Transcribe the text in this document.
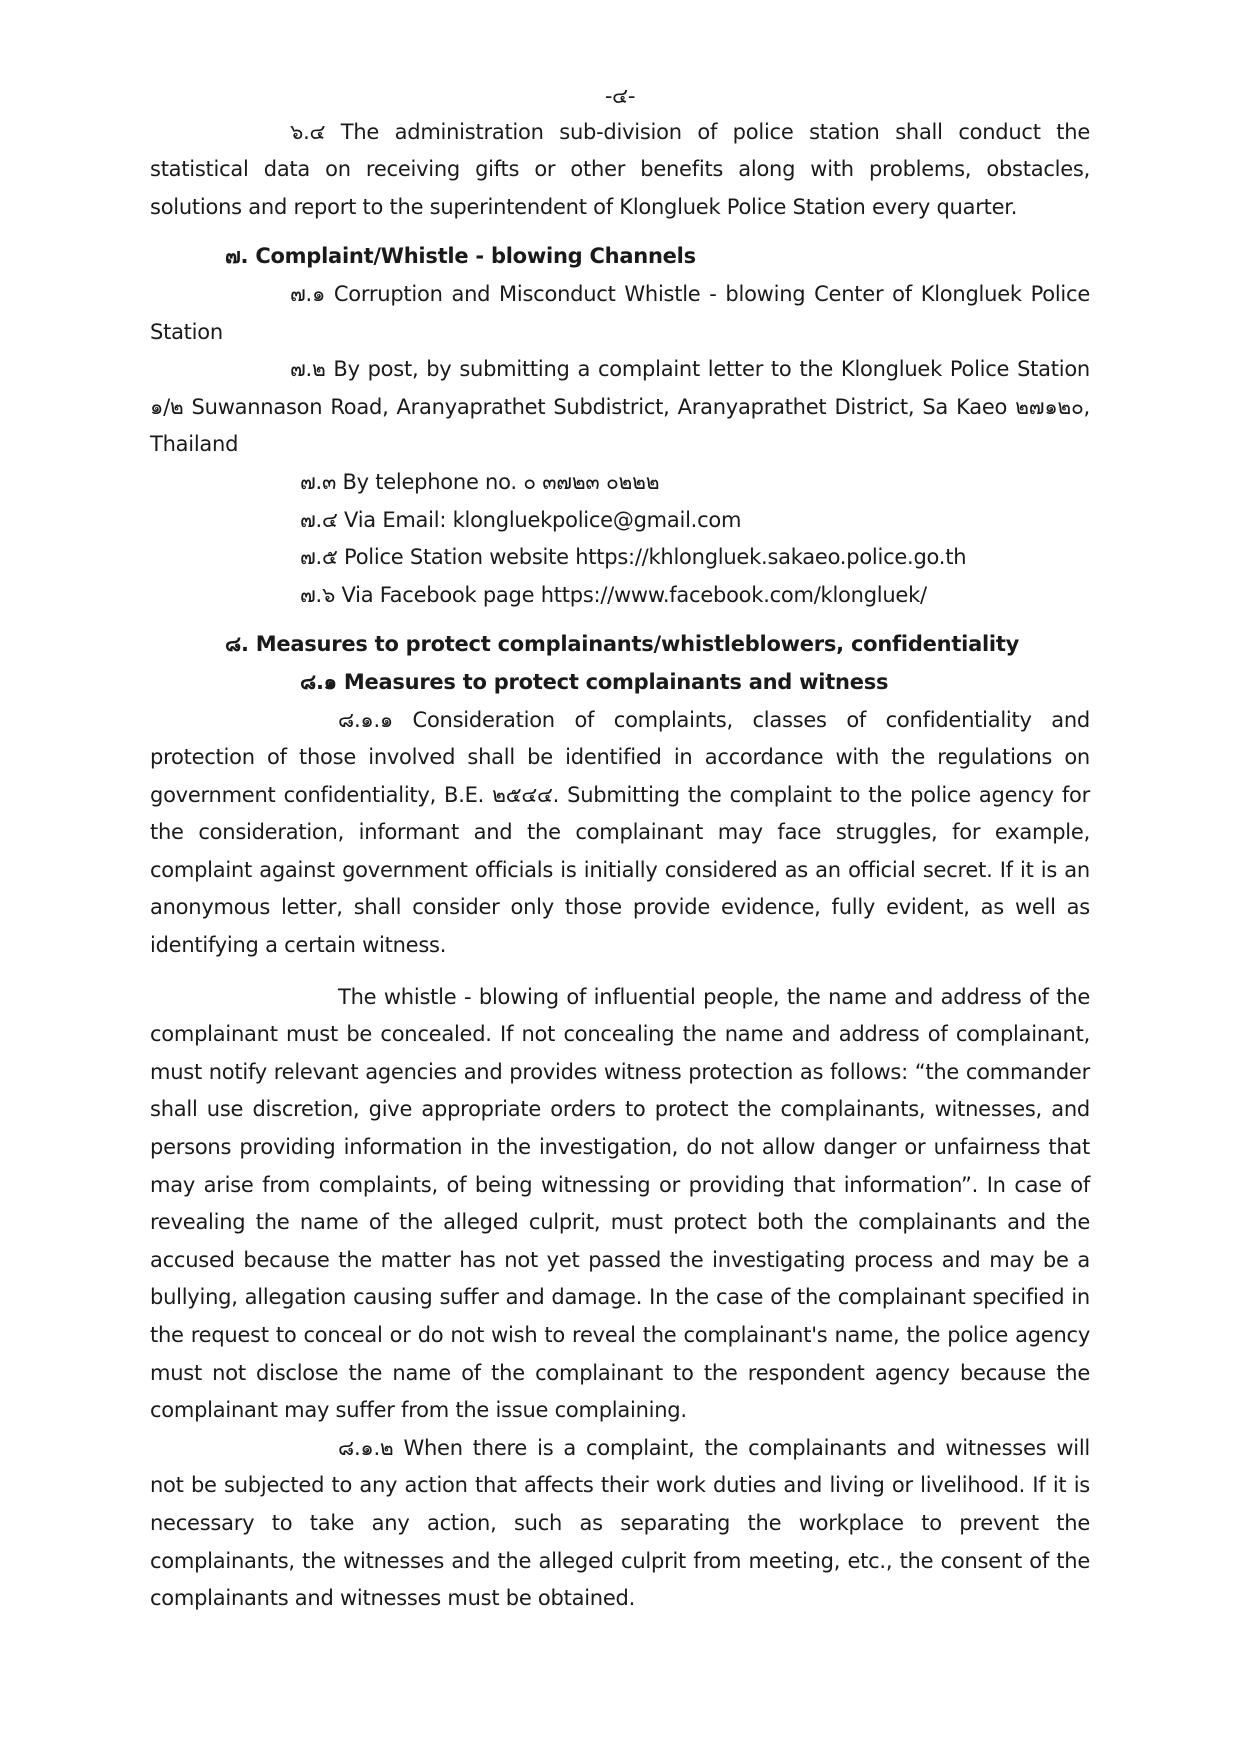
-๔-

๖.๔ The administration sub-division of police station shall conduct the statistical data on receiving gifts or other benefits along with problems, obstacles, solutions and report to the superintendent of Klongluek Police Station every quarter.

๗. Complaint/Whistle - blowing Channels

๗.๑ Corruption and Misconduct Whistle - blowing Center of Klongluek Police Station

๗.๒ By post, by submitting a complaint letter to the Klongluek Police Station ๑/๒ Suwannason Road, Aranyaprathet Subdistrict, Aranyaprathet District, Sa Kaeo ๒๗๑๒๐, Thailand

๗.๓ By telephone no. ๐ ๓๗๒๓ ๐๒๒๒

๗.๔ Via Email: klongluekpolice@gmail.com

๗.๕ Police Station website https://khlongluek.sakaeo.police.go.th

๗.๖ Via Facebook page https://www.facebook.com/klongluek/

๘. Measures to protect complainants/whistleblowers, confidentiality

๘.๑ Measures to protect complainants and witness

๘.๑.๑ Consideration of complaints, classes of confidentiality and protection of those involved shall be identified in accordance with the regulations on government confidentiality, B.E. ๒๕๔๔. Submitting the complaint to the police agency for the consideration, informant and the complainant may face struggles, for example, complaint against government officials is initially considered as an official secret. If it is an anonymous letter, shall consider only those provide evidence, fully evident, as well as identifying a certain witness.

The whistle - blowing of influential people, the name and address of the complainant must be concealed. If not concealing the name and address of complainant, must notify relevant agencies and provides witness protection as follows: “the commander shall use discretion, give appropriate orders to protect the complainants, witnesses, and persons providing information in the investigation, do not allow danger or unfairness that may arise from complaints, of being witnessing or providing that information”. In case of revealing the name of the alleged culprit, must protect both the complainants and the accused because the matter has not yet passed the investigating process and may be a bullying, allegation causing suffer and damage. In the case of the complainant specified in the request to conceal or do not wish to reveal the complainant's name, the police agency must not disclose the name of the complainant to the respondent agency because the complainant may suffer from the issue complaining.

๘.๑.๒ When there is a complaint, the complainants and witnesses will not be subjected to any action that affects their work duties and living or livelihood. If it is necessary to take any action, such as separating the workplace to prevent the complainants, the witnesses and the alleged culprit from meeting, etc., the consent of the complainants and witnesses must be obtained.
